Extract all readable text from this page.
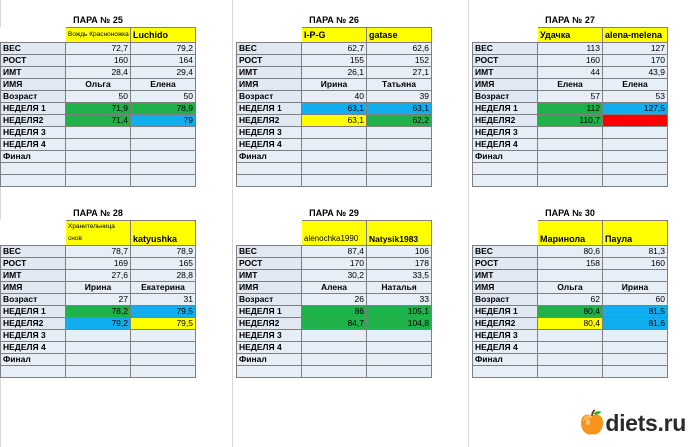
ПАРА № 25		
	Вождь Красноножка	Luchido
ВЕС	72,7	79,2
РОСТ	160	164
ИМТ	28,4	29,4
ИМЯ	Ольга	Елена
Возраст	50	50
НЕДЕЛЯ 1	71,9	78,9
НЕДЕЛЯ2	71,4	79
НЕДЕЛЯ 3		
НЕДЕЛЯ 4		
Финал		

ПАРА № 26		
	I-P-G	gatase
ВЕС	62,7	62,6
РОСТ	155	152
ИМТ	26,1	27,1
ИМЯ	Ирина	Татьяна
Возраст	40	39
НЕДЕЛЯ 1	63,1	63,1
НЕДЕЛЯ2	63,1	62,2
НЕДЕЛЯ 3		
НЕДЕЛЯ 4		
Финал		

ПАРА № 27		
	Удачка	alena-melena
ВЕС	113	127
РОСТ	160	170
ИМТ	44	43,9
ИМЯ	Елена	Елена
Возраст	57	53
НЕДЕЛЯ 1	112	127,5
НЕДЕЛЯ2	110,7	
НЕДЕЛЯ 3		
НЕДЕЛЯ 4		
Финал		

ПАРА № 28		
	Хранительница снов	katyushka
ВЕС	78,7	78,9
РОСТ	169	165
ИМТ	27,6	28,8
ИМЯ	Ирина	Екатерина
Возраст	27	31
НЕДЕЛЯ 1	78,2	79,5
НЕДЕЛЯ2	79,2	79,5
НЕДЕЛЯ 3		
НЕДЕЛЯ 4		
Финал		

ПАРА № 29		
	alenochka1990	Natysik1983
ВЕС	87,4	106
РОСТ	170	178
ИМТ	30,2	33,5
ИМЯ	Алена	Наталья
Возраст	26	33
НЕДЕЛЯ 1	86	105,1
НЕДЕЛЯ2	84,7	104,8
НЕДЕЛЯ 3		
НЕДЕЛЯ 4		
Финал		

ПАРА № 30		
	Маринола	Паула
ВЕС	80,6	81,3
РОСТ	158	160
ИМТ		
ИМЯ	Ольга	Ирина
Возраст	62	60
НЕДЕЛЯ 1	80,4	81,5
НЕДЕЛЯ2	80,4	81,6
НЕДЕЛЯ 3		
НЕДЕЛЯ 4		
Финал		

diets.ru
